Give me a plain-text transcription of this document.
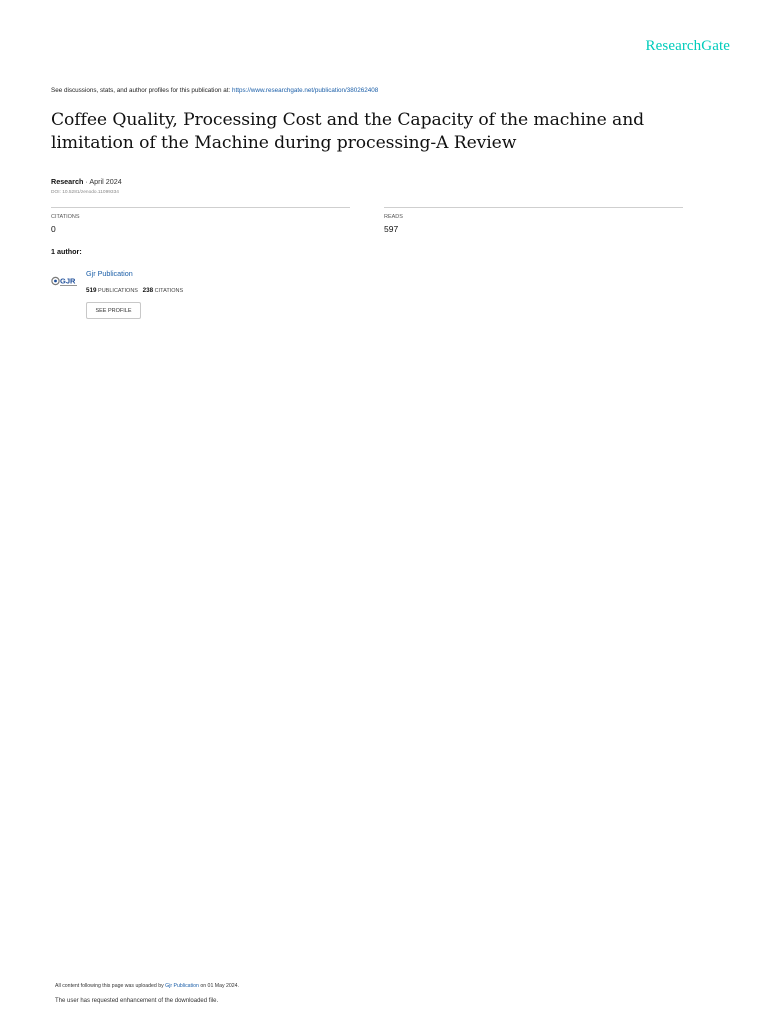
ResearchGate
See discussions, stats, and author profiles for this publication at: https://www.researchgate.net/publication/380262408
Coffee Quality, Processing Cost and the Capacity of the machine and limitation of the Machine during processing-A Review
Research · April 2024
DOI: 10.5281/zenodo.11099334
CITATIONS
0
READS
597
1 author:
GJR
Gjr Publication
519 PUBLICATIONS 238 CITATIONS
SEE PROFILE
All content following this page was uploaded by Gjr Publication on 01 May 2024.
The user has requested enhancement of the downloaded file.
